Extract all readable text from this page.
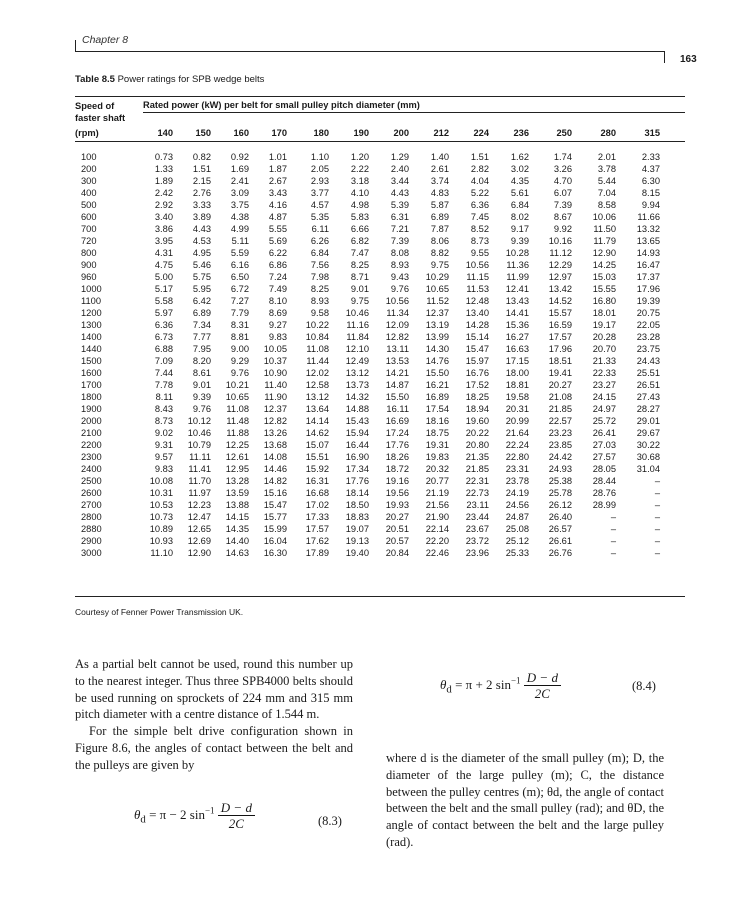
Chapter 8
163
Table 8.5 Power ratings for SPB wedge belts
Speed of
faster shaft
Rated power (kW) per belt for small pulley pitch diameter (mm)
(rpm)	140	150	160	170	180	190	200	212	224	236	250	280	315
100	0.73	0.82	0.92	1.01	1.10	1.20	1.29	1.40	1.51	1.62	1.74	2.01	2.33
200	1.33	1.51	1.69	1.87	2.05	2.22	2.40	2.61	2.82	3.02	3.26	3.78	4.37
300	1.89	2.15	2.41	2.67	2.93	3.18	3.44	3.74	4.04	4.35	4.70	5.44	6.30
400	2.42	2.76	3.09	3.43	3.77	4.10	4.43	4.83	5.22	5.61	6.07	7.04	8.15
500	2.92	3.33	3.75	4.16	4.57	4.98	5.39	5.87	6.36	6.84	7.39	8.58	9.94
600	3.40	3.89	4.38	4.87	5.35	5.83	6.31	6.89	7.45	8.02	8.67	10.06	11.66
700	3.86	4.43	4.99	5.55	6.11	6.66	7.21	7.87	8.52	9.17	9.92	11.50	13.32
720	3.95	4.53	5.11	5.69	6.26	6.82	7.39	8.06	8.73	9.39	10.16	11.79	13.65
800	4.31	4.95	5.59	6.22	6.84	7.47	8.08	8.82	9.55	10.28	11.12	12.90	14.93
900	4.75	5.46	6.16	6.86	7.56	8.25	8.93	9.75	10.56	11.36	12.29	14.25	16.47
960	5.00	5.75	6.50	7.24	7.98	8.71	9.43	10.29	11.15	11.99	12.97	15.03	17.37
1000	5.17	5.95	6.72	7.49	8.25	9.01	9.76	10.65	11.53	12.41	13.42	15.55	17.96
1100	5.58	6.42	7.27	8.10	8.93	9.75	10.56	11.52	12.48	13.43	14.52	16.80	19.39
1200	5.97	6.89	7.79	8.69	9.58	10.46	11.34	12.37	13.40	14.41	15.57	18.01	20.75
1300	6.36	7.34	8.31	9.27	10.22	11.16	12.09	13.19	14.28	15.36	16.59	19.17	22.05
1400	6.73	7.77	8.81	9.83	10.84	11.84	12.82	13.99	15.14	16.27	17.57	20.28	23.28
1440	6.88	7.95	9.00	10.05	11.08	12.10	13.11	14.30	15.47	16.63	17.96	20.70	23.75
1500	7.09	8.20	9.29	10.37	11.44	12.49	13.53	14.76	15.97	17.15	18.51	21.33	24.43
1600	7.44	8.61	9.76	10.90	12.02	13.12	14.21	15.50	16.76	18.00	19.41	22.33	25.51
1700	7.78	9.01	10.21	11.40	12.58	13.73	14.87	16.21	17.52	18.81	20.27	23.27	26.51
1800	8.11	9.39	10.65	11.90	13.12	14.32	15.50	16.89	18.25	19.58	21.08	24.15	27.43
1900	8.43	9.76	11.08	12.37	13.64	14.88	16.11	17.54	18.94	20.31	21.85	24.97	28.27
2000	8.73	10.12	11.48	12.82	14.14	15.43	16.69	18.16	19.60	20.99	22.57	25.72	29.01
2100	9.02	10.46	11.88	13.26	14.62	15.94	17.24	18.75	20.22	21.64	23.23	26.41	29.67
2200	9.31	10.79	12.25	13.68	15.07	16.44	17.76	19.31	20.80	22.24	23.85	27.03	30.22
2300	9.57	11.11	12.61	14.08	15.51	16.90	18.26	19.83	21.35	22.80	24.42	27.57	30.68
2400	9.83	11.41	12.95	14.46	15.92	17.34	18.72	20.32	21.85	23.31	24.93	28.05	31.04
2500	10.08	11.70	13.28	14.82	16.31	17.76	19.16	20.77	22.31	23.78	25.38	28.44	–
2600	10.31	11.97	13.59	15.16	16.68	18.14	19.56	21.19	22.73	24.19	25.78	28.76	–
2700	10.53	12.23	13.88	15.47	17.02	18.50	19.93	21.56	23.11	24.56	26.12	28.99	–
2800	10.73	12.47	14.15	15.77	17.33	18.83	20.27	21.90	23.44	24.87	26.40	–	–
2880	10.89	12.65	14.35	15.99	17.57	19.07	20.51	22.14	23.67	25.08	26.57	–	–
2900	10.93	12.69	14.40	16.04	17.62	19.13	20.57	22.20	23.72	25.12	26.61	–	–
3000	11.10	12.90	14.63	16.30	17.89	19.40	20.84	22.46	23.96	25.33	26.76	–	–
Courtesy of Fenner Power Transmission UK.

As a partial belt cannot be used, round this number up to the nearest integer. Thus three SPB4000 belts should be used running on sprockets of 224 mm and 315 mm pitch diameter with a centre distance of 1.544 m.

For the simple belt drive configuration shown in Figure 8.6, the angles of contact between the belt and the pulleys are given by

$\theta_d = \pi - 2$ $\sin^{-1} \frac{D - d}{2C}$	(8.3)
$\theta_d = \pi + 2$ $\sin^{-1} \frac{D - d}{2C}$	(8.4)

where d is the diameter of the small pulley (m); D, the diameter of the large pulley (m); C, the distance between the pulley centres (m); θd, the angle of contact between the belt and the small pulley (rad); and θD, the angle of contact between the belt and the large pulley (rad).
